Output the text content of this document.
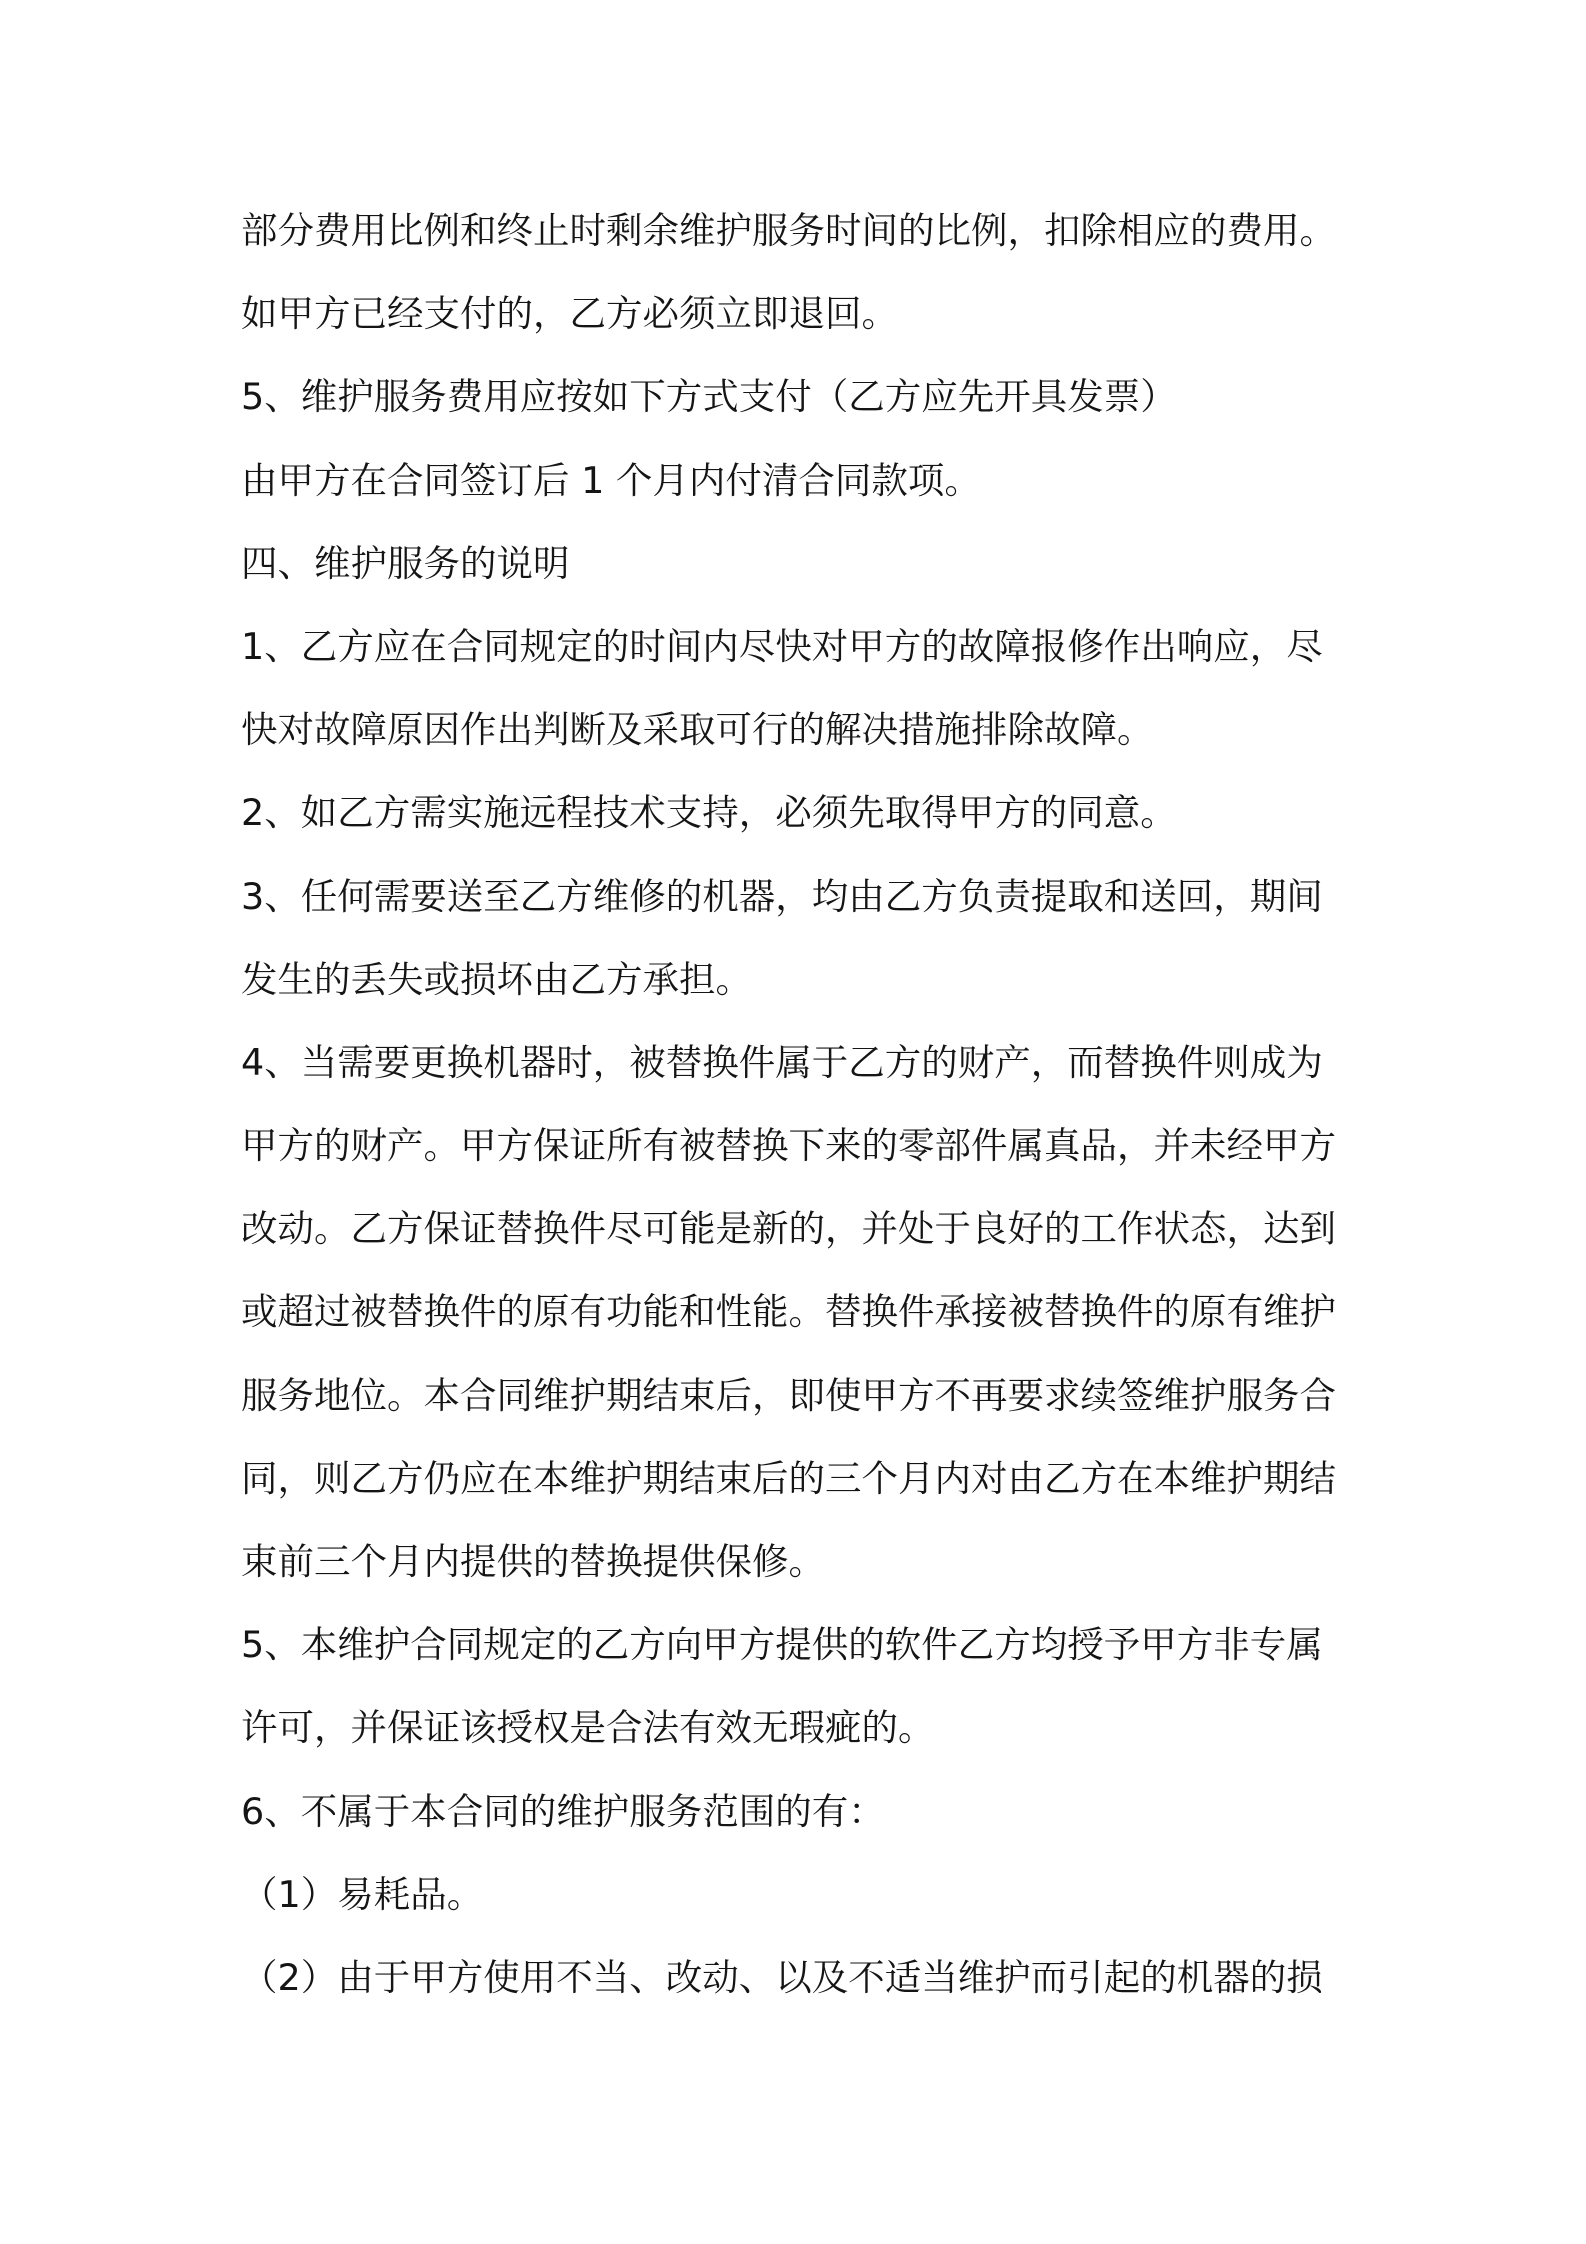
部分费用比例和终止时剩余维护服务时间的比例，扣除相应的费用。
如甲方已经支付的，乙方必须立即退回。
5、维护服务费用应按如下方式支付（乙方应先开具发票）
由甲方在合同签订后 1 个月内付清合同款项。
四、维护服务的说明
1、乙方应在合同规定的时间内尽快对甲方的故障报修作出响应，尽
快对故障原因作出判断及采取可行的解决措施排除故障。
2、如乙方需实施远程技术支持，必须先取得甲方的同意。
3、任何需要送至乙方维修的机器，均由乙方负责提取和送回，期间
发生的丢失或损坏由乙方承担。
4、当需要更换机器时，被替换件属于乙方的财产，而替换件则成为
甲方的财产。甲方保证所有被替换下来的零部件属真品，并未经甲方
改动。乙方保证替换件尽可能是新的，并处于良好的工作状态，达到
或超过被替换件的原有功能和性能。替换件承接被替换件的原有维护
服务地位。本合同维护期结束后，即使甲方不再要求续签维护服务合
同，则乙方仍应在本维护期结束后的三个月内对由乙方在本维护期结
束前三个月内提供的替换提供保修。
5、本维护合同规定的乙方向甲方提供的软件乙方均授予甲方非专属
许可，并保证该授权是合法有效无瑕疵的。
6、不属于本合同的维护服务范围的有：
（1）易耗品。
（2）由于甲方使用不当、改动、以及不适当维护而引起的机器的损
